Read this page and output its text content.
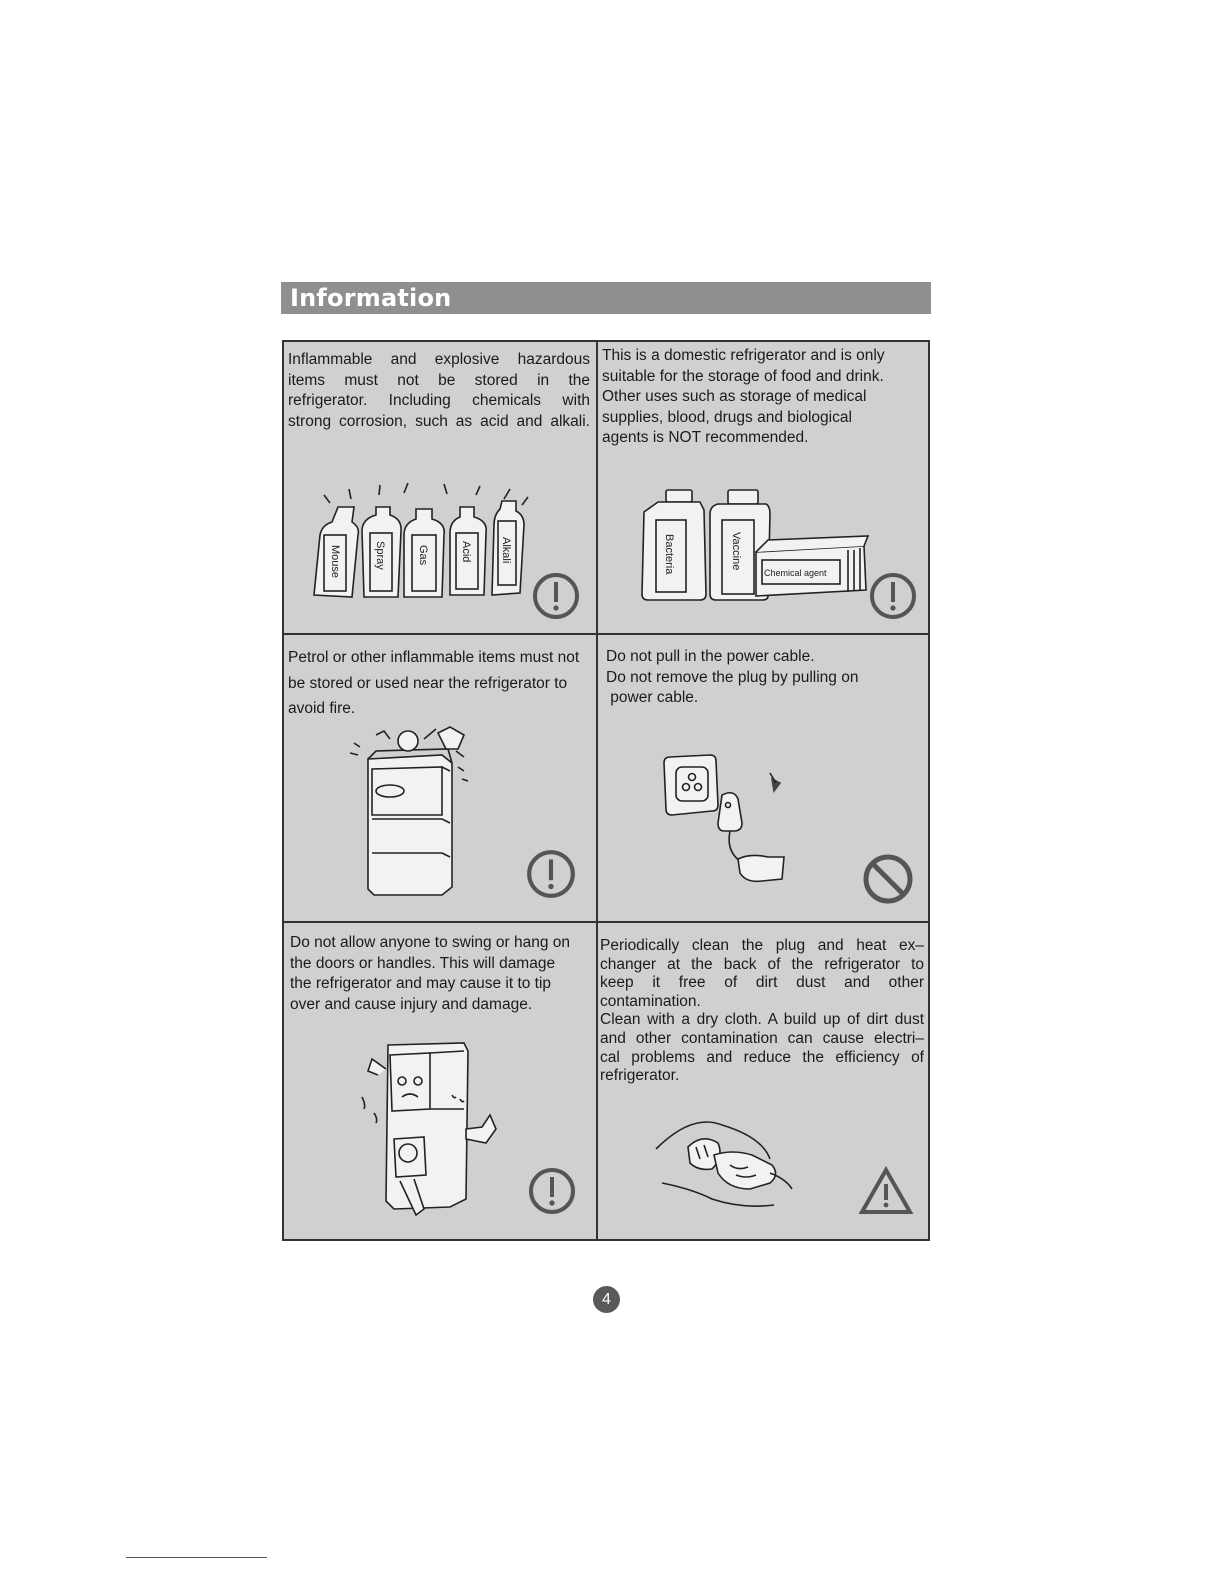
Information

Inflammable and explosive hazardous

items must not be stored in the

refrigerator. Including chemicals with

strong corrosion, such as acid and alkali.

Mouse	Spray	Gas	Acid	Alkali

This is a domestic refrigerator and is only

suitable for the storage of food and drink.

Other uses such as storage of medical

supplies, blood, drugs and biological

agents is NOT recommended.

Bacteria	Vaccine
Chemical agent

Petrol or other inflammable items must not

be stored or used near the refrigerator to

avoid fire.

Do not pull in the power cable.

Do not remove the plug by pulling on

power cable.

Do not allow anyone to swing or hang on

the doors or handles. This will damage

the refrigerator and may cause it to tip

over and cause injury and damage.

Periodically clean the plug and heat ex–

changer at the back of the refrigerator to

keep it free of dirt dust and other

contamination.

Clean with a dry cloth. A build up of dirt dust

and other contamination can cause electri–

cal problems and reduce the efficiency of

refrigerator.

4
